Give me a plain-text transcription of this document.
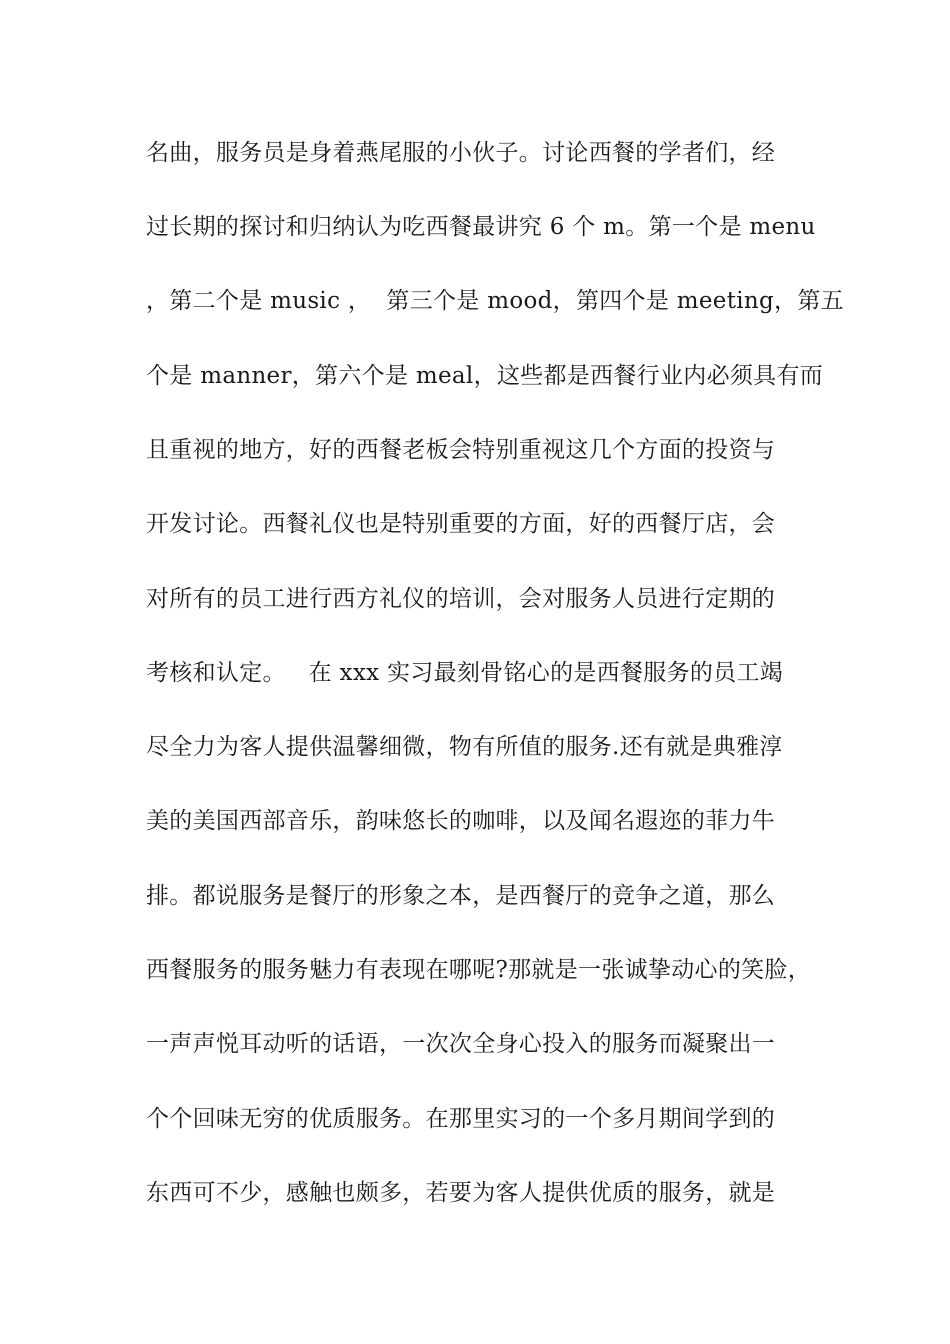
名曲，服务员是身着燕尾服的小伙子。讨论西餐的学者们，经
过长期的探讨和归纳认为吃西餐最讲究 6 个 m。第一个是 menu
，第二个是 music ，  第三个是 mood，第四个是 meeting，第五
个是 manner，第六个是 meal，这些都是西餐行业内必须具有而
且重视的地方，好的西餐老板会特别重视这几个方面的投资与
开发讨论。西餐礼仪也是特别重要的方面，好的西餐厅店，会
对所有的员工进行西方礼仪的培训，会对服务人员进行定期的
考核和认定。   在 xxx 实习最刻骨铭心的是西餐服务的员工竭
尽全力为客人提供温馨细微，物有所值的服务.还有就是典雅淳
美的美国西部音乐，韵味悠长的咖啡，以及闻名遐迩的菲力牛
排。都说服务是餐厅的形象之本，是西餐厅的竞争之道，那么
西餐服务的服务魅力有表现在哪呢?那就是一张诚挚动心的笑脸，
一声声悦耳动听的话语，一次次全身心投入的服务而凝聚出一
个个回味无穷的优质服务。在那里实习的一个多月期间学到的
东西可不少，感触也颇多，若要为客人提供优质的服务，就是
